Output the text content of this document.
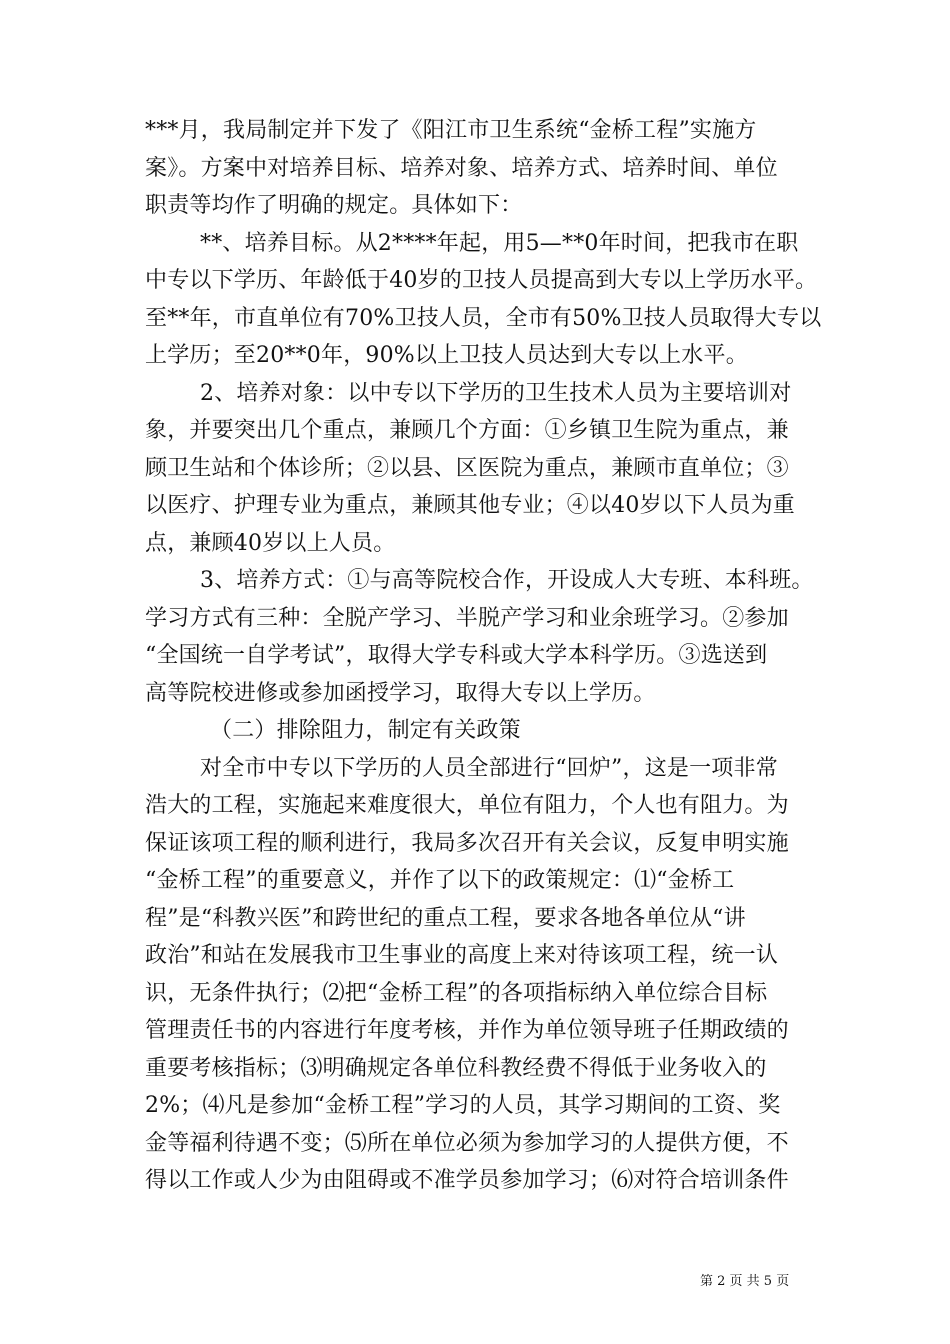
***月，我局制定并下发了《阳江市卫生系统“金桥工程”实施方
案》。方案中对培养目标、培养对象、培养方式、培养时间、单位
职责等均作了明确的规定。具体如下：
**、培养目标。从2****年起，用5—**0年时间，把我市在职
中专以下学历、年龄低于40岁的卫技人员提高到大专以上学历水平。
至**年，市直单位有70%卫技人员，全市有50%卫技人员取得大专以
上学历；至20**0年，90%以上卫技人员达到大专以上水平。
2、培养对象：以中专以下学历的卫生技术人员为主要培训对
象，并要突出几个重点，兼顾几个方面：①乡镇卫生院为重点，兼
顾卫生站和个体诊所；②以县、区医院为重点，兼顾市直单位；③
以医疗、护理专业为重点，兼顾其他专业；④以40岁以下人员为重
点，兼顾40岁以上人员。
3、培养方式：①与高等院校合作，开设成人大专班、本科班。
学习方式有三种：全脱产学习、半脱产学习和业余班学习。②参加
“全国统一自学考试”，取得大学专科或大学本科学历。③选送到
高等院校进修或参加函授学习，取得大专以上学历。
（二）排除阻力，制定有关政策
对全市中专以下学历的人员全部进行“回炉”，这是一项非常
浩大的工程，实施起来难度很大，单位有阻力，个人也有阻力。为
保证该项工程的顺利进行，我局多次召开有关会议，反复申明实施
“金桥工程”的重要意义，并作了以下的政策规定：⑴“金桥工
程”是“科教兴医”和跨世纪的重点工程，要求各地各单位从“讲
政治”和站在发展我市卫生事业的高度上来对待该项工程，统一认
识，无条件执行；⑵把“金桥工程”的各项指标纳入单位综合目标
管理责任书的内容进行年度考核，并作为单位领导班子任期政绩的
重要考核指标；⑶明确规定各单位科教经费不得低于业务收入的
2%；⑷凡是参加“金桥工程”学习的人员，其学习期间的工资、奖
金等福利待遇不变；⑸所在单位必须为参加学习的人提供方便，不
得以工作或人少为由阻碍或不准学员参加学习；⑹对符合培训条件
第 2 页 共 5 页
